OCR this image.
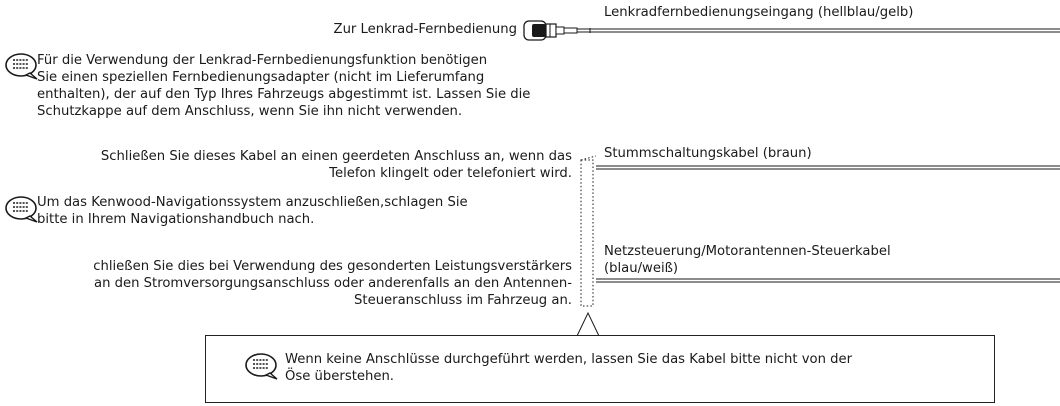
Zur Lenkrad-Fernbedienung
Lenkradfernbedienungseingang (hellblau/gelb)
Für die Verwendung der Lenkrad-Fernbedienungsfunktion benötigen
Sie einen speziellen Fernbedienungsadapter (nicht im Lieferumfang
enthalten), der auf den Typ Ihres Fahrzeugs abgestimmt ist. Lassen Sie die
Schutzkappe auf dem Anschluss, wenn Sie ihn nicht verwenden.
Schließen Sie dieses Kabel an einen geerdeten Anschluss an, wenn das
Telefon klingelt oder telefoniert wird.
Stummschaltungskabel (braun)
Um das Kenwood-Navigationssystem anzuschließen,schlagen Sie
bitte in Ihrem Navigationshandbuch nach.
chließen Sie dies bei Verwendung des gesonderten Leistungsverstärkers
an den Stromversorgungsanschluss oder anderenfalls an den Antennen-
Steueranschluss im Fahrzeug an.
Netzsteuerung/Motorantennen-Steuerkabel
(blau/weiß)
Wenn keine Anschlüsse durchgeführt werden, lassen Sie das Kabel bitte nicht von der
Öse überstehen.
